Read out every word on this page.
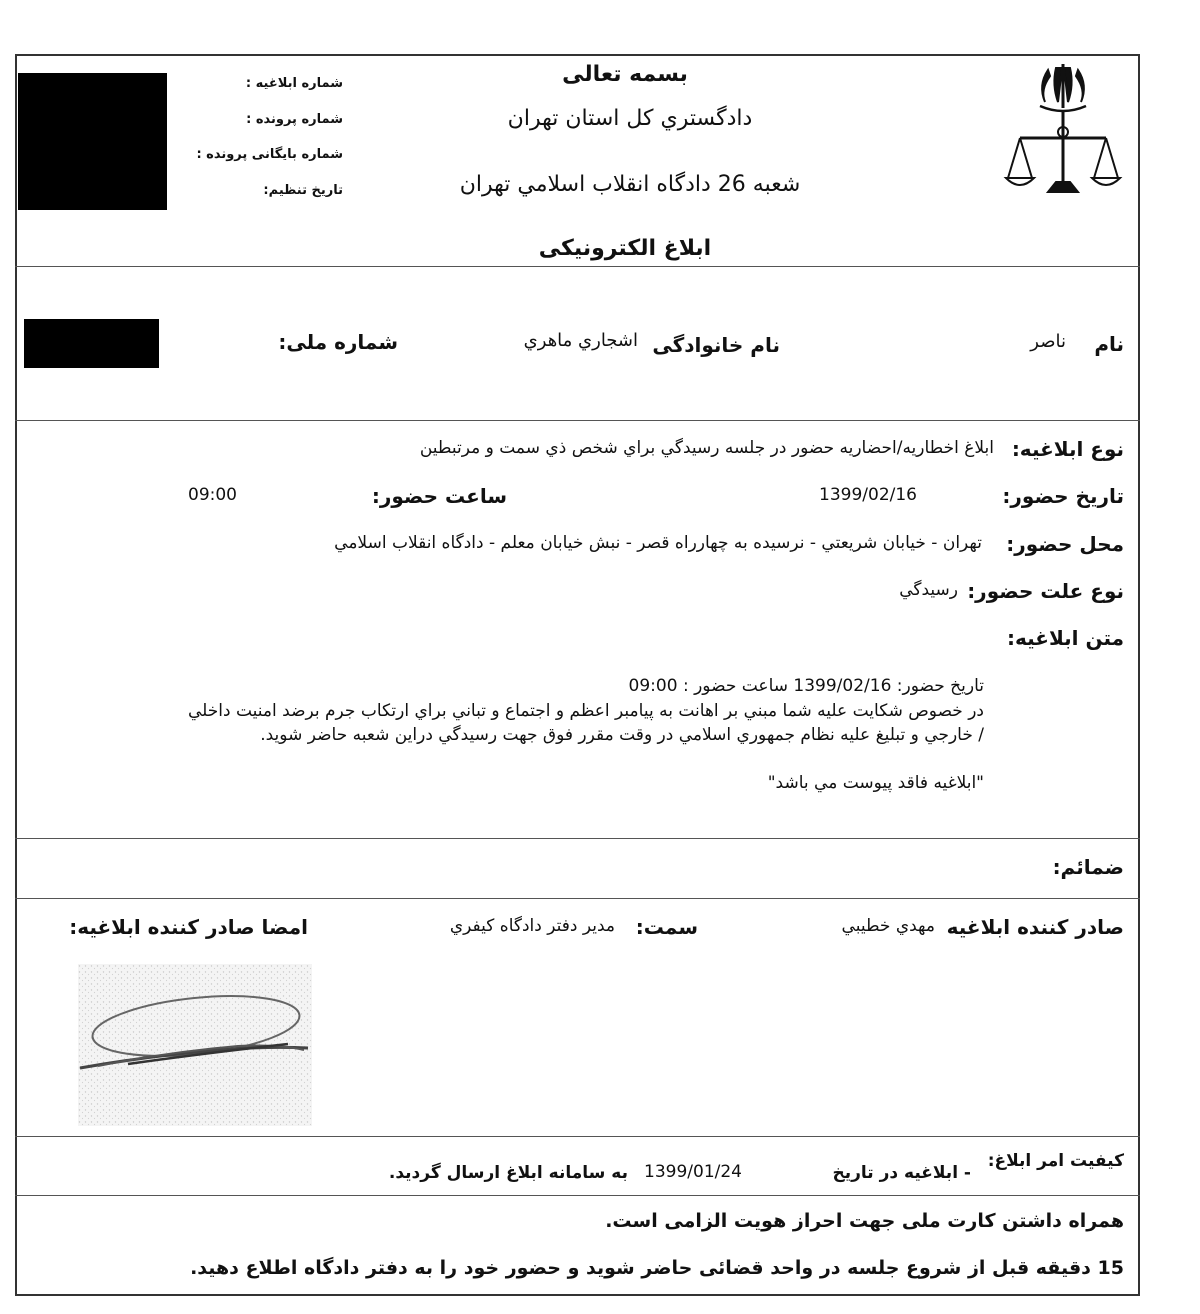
بسمه تعالی
دادگستري کل استان تهران
شعبه 26 دادگاه انقلاب اسلامي تهران
شماره ابلاغیه :
شماره پرونده :
شماره بایگانی پرونده :
تاریخ تنظیم:
ابلاغ الکترونیکی
نام
ناصر
نام خانوادگی
اشجاري ماهري
شماره ملی:
نوع ابلاغیه:
ابلاغ اخطاريه/احضاريه حضور در جلسه رسيدگي براي شخص ذي سمت و مرتبطين
تاریخ حضور:
1399/02/16
ساعت حضور:
09:00
محل حضور:
تهران - خيابان شريعتي - نرسيده به چهارراه قصر - نبش خيابان معلم - دادگاه انقلاب اسلامي
نوع علت حضور:
رسيدگي
متن ابلاغیه:
تاريخ حضور: 1399/02/16 ساعت حضور : 09:00
در خصوص شكايت عليه شما مبني بر اهانت به پيامبر اعظم و اجتماع و تباني براي ارتكاب جرم برضد امنيت داخلي
/ خارجي و تبليغ عليه نظام جمهوري اسلامي در وقت مقرر فوق جهت رسيدگي دراين شعبه حاضر شويد.
"ابلاغيه فاقد پيوست مي باشد"
ضمائم:
صادر کننده ابلاغیه
مهدي خطيبي
سمت:
مدير دفتر دادگاه كيفري
امضا صادر کننده ابلاغیه:
کیفیت امر ابلاغ:
- ابلاغیه در تاریخ
1399/01/24
به سامانه ابلاغ ارسال گردید.
همراه داشتن کارت ملی جهت احراز هویت الزامی است.
15 دقیقه قبل از شروع جلسه در واحد قضائی حاضر شوید و حضور خود را به دفتر دادگاه اطلاع دهید.
